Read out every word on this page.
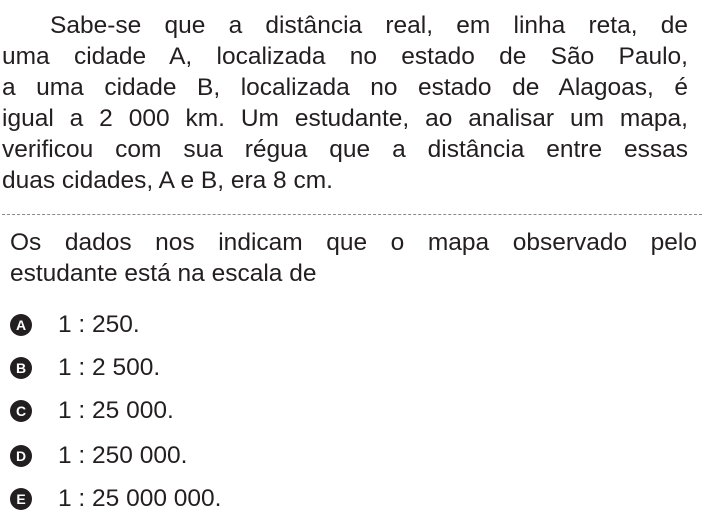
Sabe-se que a distância real, em linha reta, de
uma cidade A, localizada no estado de São Paulo,
a uma cidade B, localizada no estado de Alagoas, é
igual a 2 000 km. Um estudante, ao analisar um mapa,
verificou com sua régua que a distância entre essas
duas cidades, A e B, era 8 cm.
Os dados nos indicam que o mapa observado pelo
estudante está na escala de
A 1 : 250.
B 1 : 2 500.
C 1 : 25 000.
D 1 : 250 000.
E 1 : 25 000 000.
